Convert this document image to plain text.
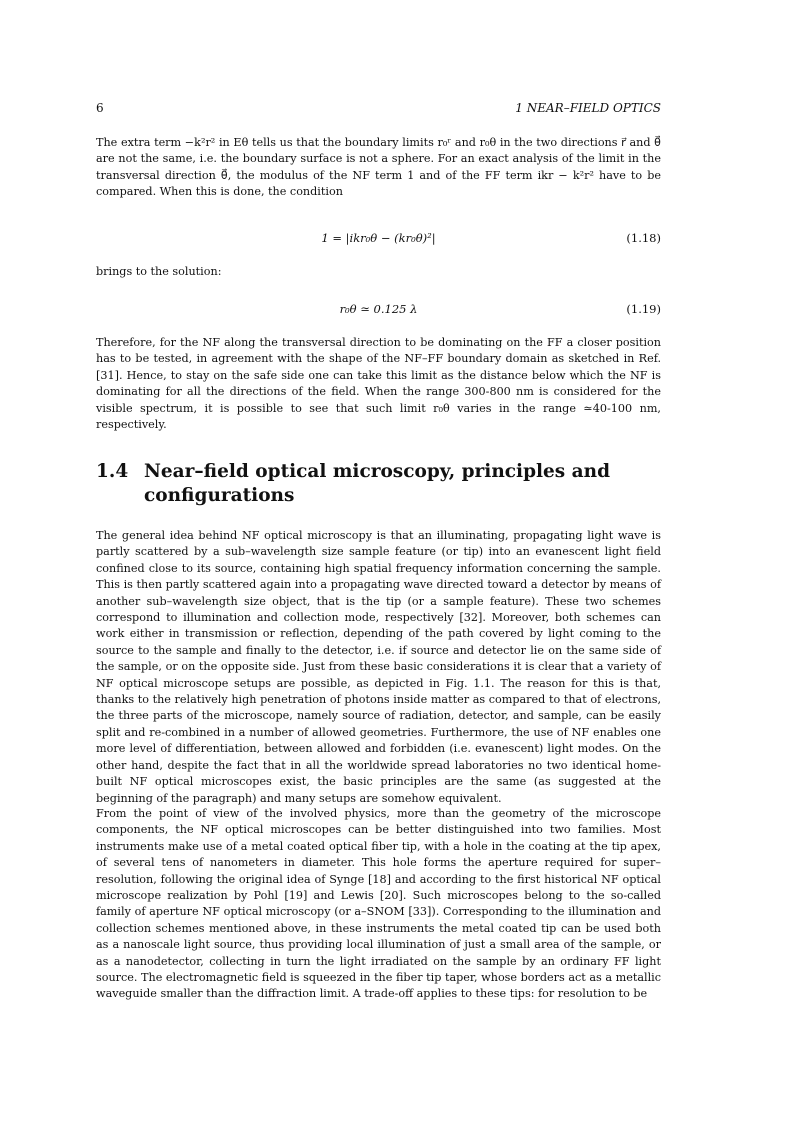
6	1 NEAR–FIELD OPTICS

The extra term −k²r² in Eθ tells us that the boundary limits r₀ʳ and r₀θ in the two directions r⃗ and θ⃗ are not the same, i.e. the boundary surface is not a sphere. For an exact analysis of the limit in the transversal direction θ⃗, the modulus of the NF term 1 and of the FF term ikr − k²r² have to be compared. When this is done, the condition

1 = |ikr₀θ − (kr₀θ)²|	(1.18)

brings to the solution:

r₀θ ≃ 0.125 λ	(1.19)

Therefore, for the NF along the transversal direction to be dominating on the FF a closer position has to be tested, in agreement with the shape of the NF–FF boundary domain as sketched in Ref. [31]. Hence, to stay on the safe side one can take this limit as the distance below which the NF is dominating for all the directions of the field. When the range 300-800 nm is considered for the visible spectrum, it is possible to see that such limit r₀θ varies in the range ≃40-100 nm, respectively.

1.4 Near–field optical microscopy, principles and configurations

The general idea behind NF optical microscopy is that an illuminating, propagating light wave is partly scattered by a sub–wavelength size sample feature (or tip) into an evanescent light field confined close to its source, containing high spatial frequency information concerning the sample. This is then partly scattered again into a propagating wave directed toward a detector by means of another sub–wavelength size object, that is the tip (or a sample feature). These two schemes correspond to illumination and collection mode, respectively [32]. Moreover, both schemes can work either in transmission or reflection, depending of the path covered by light coming to the source to the sample and finally to the detector, i.e. if source and detector lie on the same side of the sample, or on the opposite side. Just from these basic considerations it is clear that a variety of NF optical microscope setups are possible, as depicted in Fig. 1.1. The reason for this is that, thanks to the relatively high penetration of photons inside matter as compared to that of electrons, the three parts of the microscope, namely source of radiation, detector, and sample, can be easily split and re-combined in a number of allowed geometries. Furthermore, the use of NF enables one more level of differentiation, between allowed and forbidden (i.e. evanescent) light modes. On the other hand, despite the fact that in all the worldwide spread laboratories no two identical home-built NF optical microscopes exist, the basic principles are the same (as suggested at the beginning of the paragraph) and many setups are somehow equivalent.

From the point of view of the involved physics, more than the geometry of the microscope components, the NF optical microscopes can be better distinguished into two families. Most instruments make use of a metal coated optical fiber tip, with a hole in the coating at the tip apex, of several tens of nanometers in diameter. This hole forms the aperture required for super–resolution, following the original idea of Synge [18] and according to the first historical NF optical microscope realization by Pohl [19] and Lewis [20]. Such microscopes belong to the so-called family of aperture NF optical microscopy (or a–SNOM [33]). Corresponding to the illumination and collection schemes mentioned above, in these instruments the metal coated tip can be used both as a nanoscale light source, thus providing local illumination of just a small area of the sample, or as a nanodetector, collecting in turn the light irradiated on the sample by an ordinary FF light source. The electromagnetic field is squeezed in the fiber tip taper, whose borders act as a metallic waveguide smaller than the diffraction limit. A trade-off applies to these tips: for resolution to be
